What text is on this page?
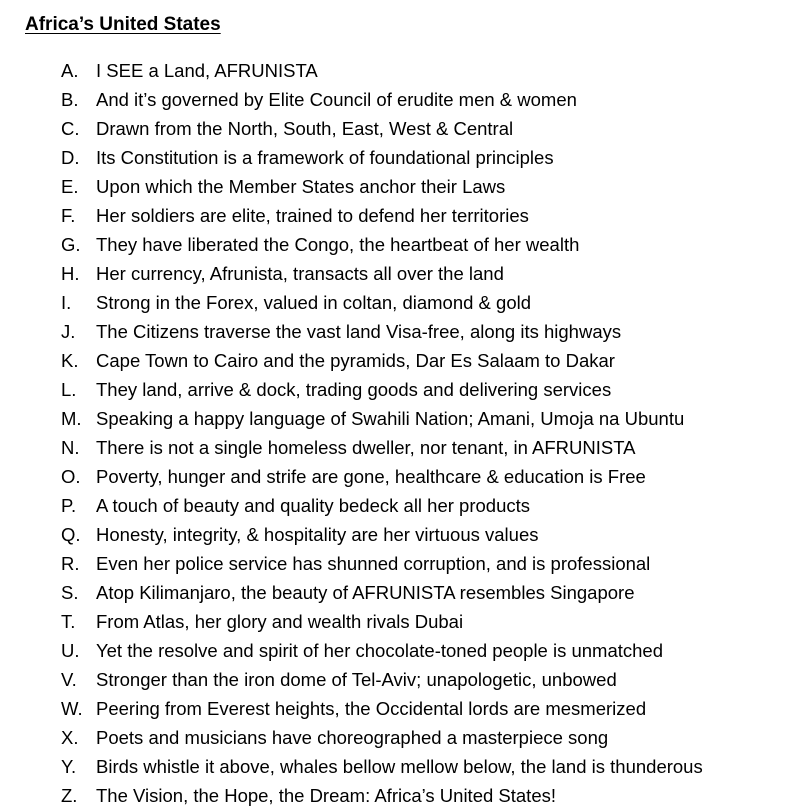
Africa’s United States
A. I SEE a Land, AFRUNISTA
B. And it’s governed by Elite Council of erudite men & women
C. Drawn from the North, South, East, West & Central
D. Its Constitution is a framework of foundational principles
E. Upon which the Member States anchor their Laws
F. Her soldiers are elite, trained to defend her territories
G. They have liberated the Congo, the heartbeat of her wealth
H. Her currency, Afrunista, transacts all over the land
I. Strong in the Forex, valued in coltan, diamond & gold
J. The Citizens traverse the vast land Visa-free, along its highways
K. Cape Town to Cairo and the pyramids, Dar Es Salaam to Dakar
L. They land, arrive & dock, trading goods and delivering services
M. Speaking a happy language of Swahili Nation; Amani, Umoja na Ubuntu
N. There is not a single homeless dweller, nor tenant, in AFRUNISTA
O. Poverty, hunger and strife are gone, healthcare & education is Free
P. A touch of beauty and quality bedeck all her products
Q. Honesty, integrity, & hospitality are her virtuous values
R. Even her police service has shunned corruption, and is professional
S. Atop Kilimanjaro, the beauty of AFRUNISTA resembles Singapore
T. From Atlas, her glory and wealth rivals Dubai
U. Yet the resolve and spirit of her chocolate-toned people is unmatched
V. Stronger than the iron dome of Tel-Aviv; unapologetic, unbowed
W. Peering from Everest heights, the Occidental lords are mesmerized
X. Poets and musicians have choreographed a masterpiece song
Y. Birds whistle it above, whales bellow mellow below, the land is thunderous
Z. The Vision, the Hope, the Dream: Africa’s United States!
